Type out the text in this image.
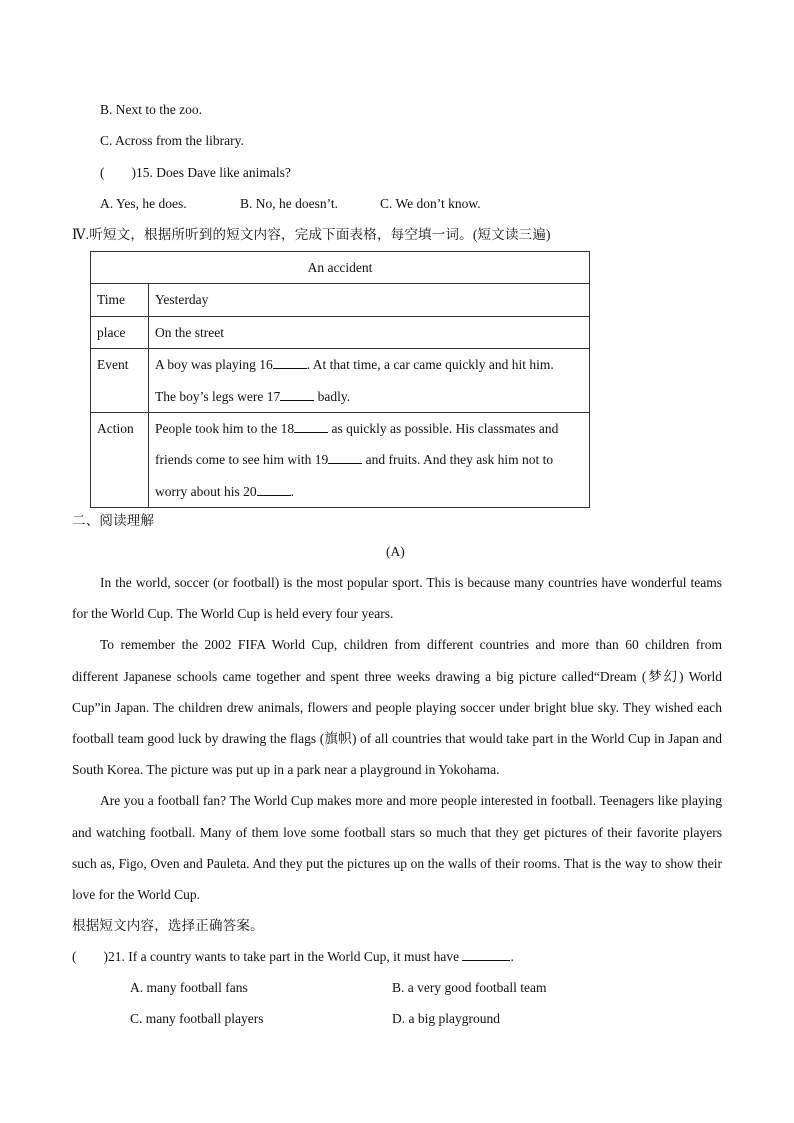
B. Next to the zoo.
C. Across from the library.
(        )15. Does Dave like animals?
A. Yes, he does.	B. No, he doesn’t.	C. We don’t know.
Ⅳ.听短文，根据所听到的短文内容，完成下面表格，每空填一词。(短文读三遍)
An accident	
Time	Yesterday
place	On the street
Event	A boy was playing 16 . At that time, a car came quickly and hit him.
The boy’s legs were 17 badly.

Action	People took him to the 18 as quickly as possible. His classmates and
friends come to see him with 19 and fruits. And they ask him not to
worry about his 20 .
二、阅读理解
(A)

In the world, soccer (or football) is the most popular sport. This is because many countries have wonderful teams for the World Cup. The World Cup is held every four years.

To remember the 2002 FIFA World Cup, children from different countries and more than 60 children from different Japanese schools came together and spent three weeks drawing a big picture called“Dream (梦幻) World Cup”in Japan. The children drew animals, flowers and people playing soccer under bright blue sky. They wished each football team good luck by drawing the flags (旗帜) of all countries that would take part in the World Cup in Japan and South Korea. The picture was put up in a park near a playground in Yokohama.

Are you a football fan? The World Cup makes more and more people interested in football. Teenagers like playing and watching football. Many of them love some football stars so much that they get pictures of their favorite players such as, Figo, Oven and Pauleta. And they put the pictures up on the walls of their rooms. That is the way to show their love for the World Cup.

根据短文内容，选择正确答案。
(        )21. If a country wants to take part in the World Cup, it must have	.
A. many football fans	B. a very good football team
C. many football players	D. a big playground
